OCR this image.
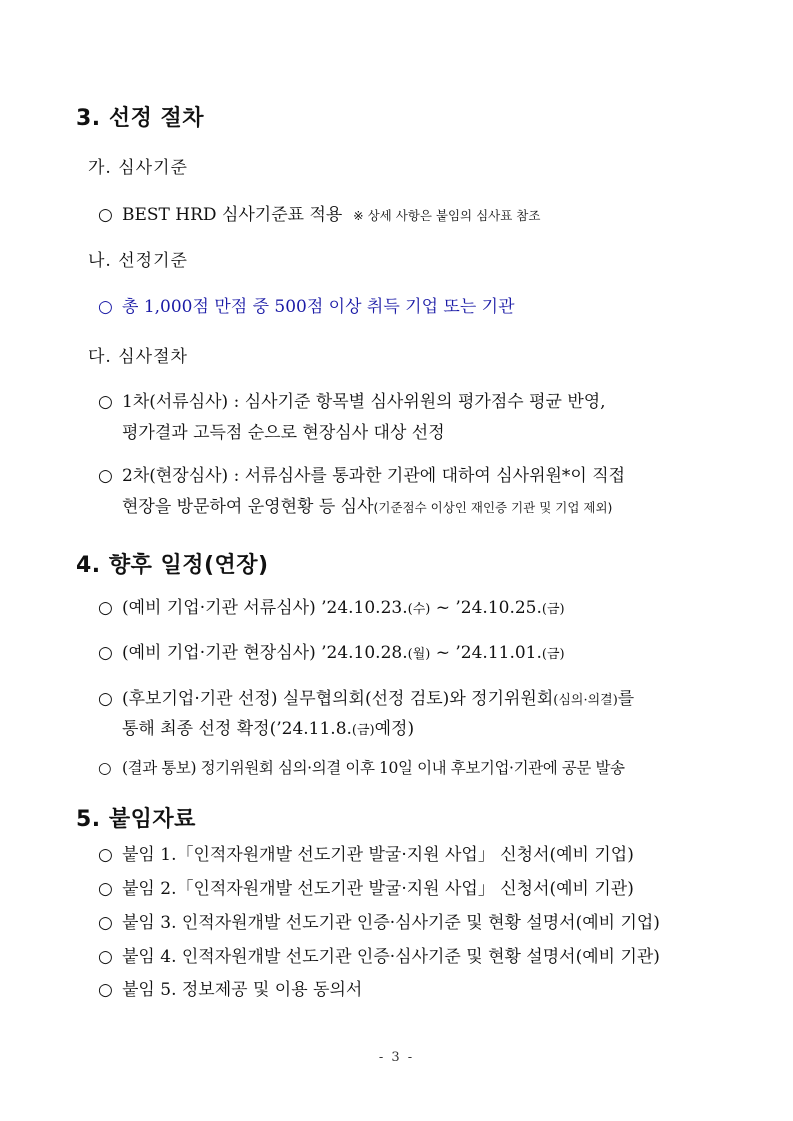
3. 선정 절차
가. 심사기준
○ BEST HRD 심사기준표 적용 ※ 상세 사항은 붙임의 심사표 참조
나. 선정기준
○ 총 1,000점 만점 중 500점 이상 취득 기업 또는 기관
다. 심사절차
○ 1차(서류심사) : 심사기준 항목별 심사위원의 평가점수 평균 반영,
평가결과 고득점 순으로 현장심사 대상 선정
○ 2차(현장심사) : 서류심사를 통과한 기관에 대하여 심사위원*이 직접
현장을 방문하여 운영현황 등 심사(기준점수 이상인 재인증 기관 및 기업 제외)
4. 향후 일정(연장)
○ (예비 기업·기관 서류심사) ’24.10.23.(수) ~ ’24.10.25.(금)
○ (예비 기업·기관 현장심사) ’24.10.28.(월) ~ ’24.11.01.(금)
○ (후보기업·기관 선정) 실무협의회(선정 검토)와 정기위원회(심의·의결)를
통해 최종 선정 확정(’24.11.8.(금)예정)
○ (결과 통보) 정기위원회 심의·의결 이후 10일 이내 후보기업·기관에 공문 발송
5. 붙임자료
○ 붙임 1.「인적자원개발 선도기관 발굴·지원 사업」 신청서(예비 기업)
○ 붙임 2.「인적자원개발 선도기관 발굴·지원 사업」 신청서(예비 기관)
○ 붙임 3. 인적자원개발 선도기관 인증·심사기준 및 현황 설명서(예비 기업)
○ 붙임 4. 인적자원개발 선도기관 인증·심사기준 및 현황 설명서(예비 기관)
○ 붙임 5. 정보제공 및 이용 동의서
- 3 -
